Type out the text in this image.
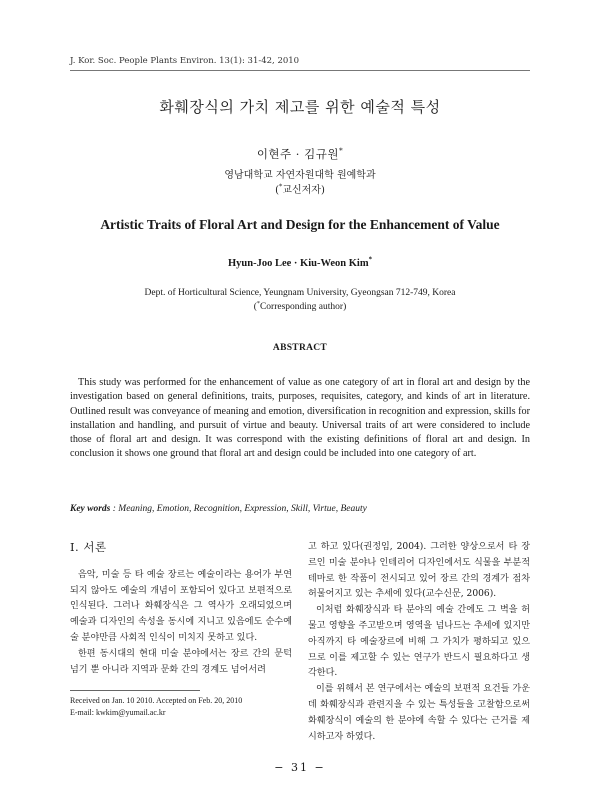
J. Kor. Soc. People Plants Environ. 13(1): 31-42, 2010
화훼장식의 가치 제고를 위한 예술적 특성
이현주 · 김규원*
영남대학교 자연자원대학 원예학과
(*교신저자)
Artistic Traits of Floral Art and Design for the Enhancement of Value
Hyun-Joo Lee · Kiu-Weon Kim*
Dept. of Horticultural Science, Yeungnam University, Gyeongsan 712-749, Korea
(*Corresponding author)
ABSTRACT

This study was performed for the enhancement of value as one category of art in floral art and design by the investigation based on general definitions, traits, purposes, requisites, category, and kinds of art in literature. Outlined result was conveyance of meaning and emotion, diversification in recognition and expression, skills for installation and handling, and pursuit of virtue and beauty. Universal traits of art were considered to include those of floral art and design. It was correspond with the existing definitions of floral art and design. In conclusion it shows one ground that floral art and design could be included into one category of art.

Key words : Meaning, Emotion, Recognition, Expression, Skill, Virtue, Beauty
Ⅰ. 서론

음악, 미술 등 타 예술 장르는 예술이라는 용어가 부연되지 않아도 예술의 개념이 포함되어 있다고 보편적으로 인식된다. 그러나 화훼장식은 그 역사가 오래되었으며 예술과 디자인의 속성을 동시에 지니고 있음에도 순수예술 분야만큼 사회적 인식이 미치지 못하고 있다.

한편 동시대의 현대 미술 분야에서는 장르 간의 문턱 넘기 뿐 아니라 지역과 문화 간의 경계도 넘어서려

고 하고 있다(권정임, 2004). 그러한 양상으로서 타 장르인 미술 분야나 인테리어 디자인에서도 식물을 부분적 테마로 한 작품이 전시되고 있어 장르 간의 경계가 점차 허물어지고 있는 추세에 있다(교수신문, 2006).

이처럼 화훼장식과 타 분야의 예술 간에도 그 벽을 허물고 영향을 주고받으며 영역을 넘나드는 추세에 있지만 아직까지 타 예술장르에 비해 그 가치가 평하되고 있으므로 이를 제고할 수 있는 연구가 반드시 필요하다고 생각한다.

이를 위해서 본 연구에서는 예술의 보편적 요건들 가운데 화훼장식과 관련지을 수 있는 특성들을 고찰함으로써 화훼장식이 예술의 한 분야에 속할 수 있다는 근거를 제시하고자 하였다.

Received on Jan. 10 2010. Accepted on Feb. 20, 2010
E-mail: kwkim@yumail.ac.kr
− 31 −
